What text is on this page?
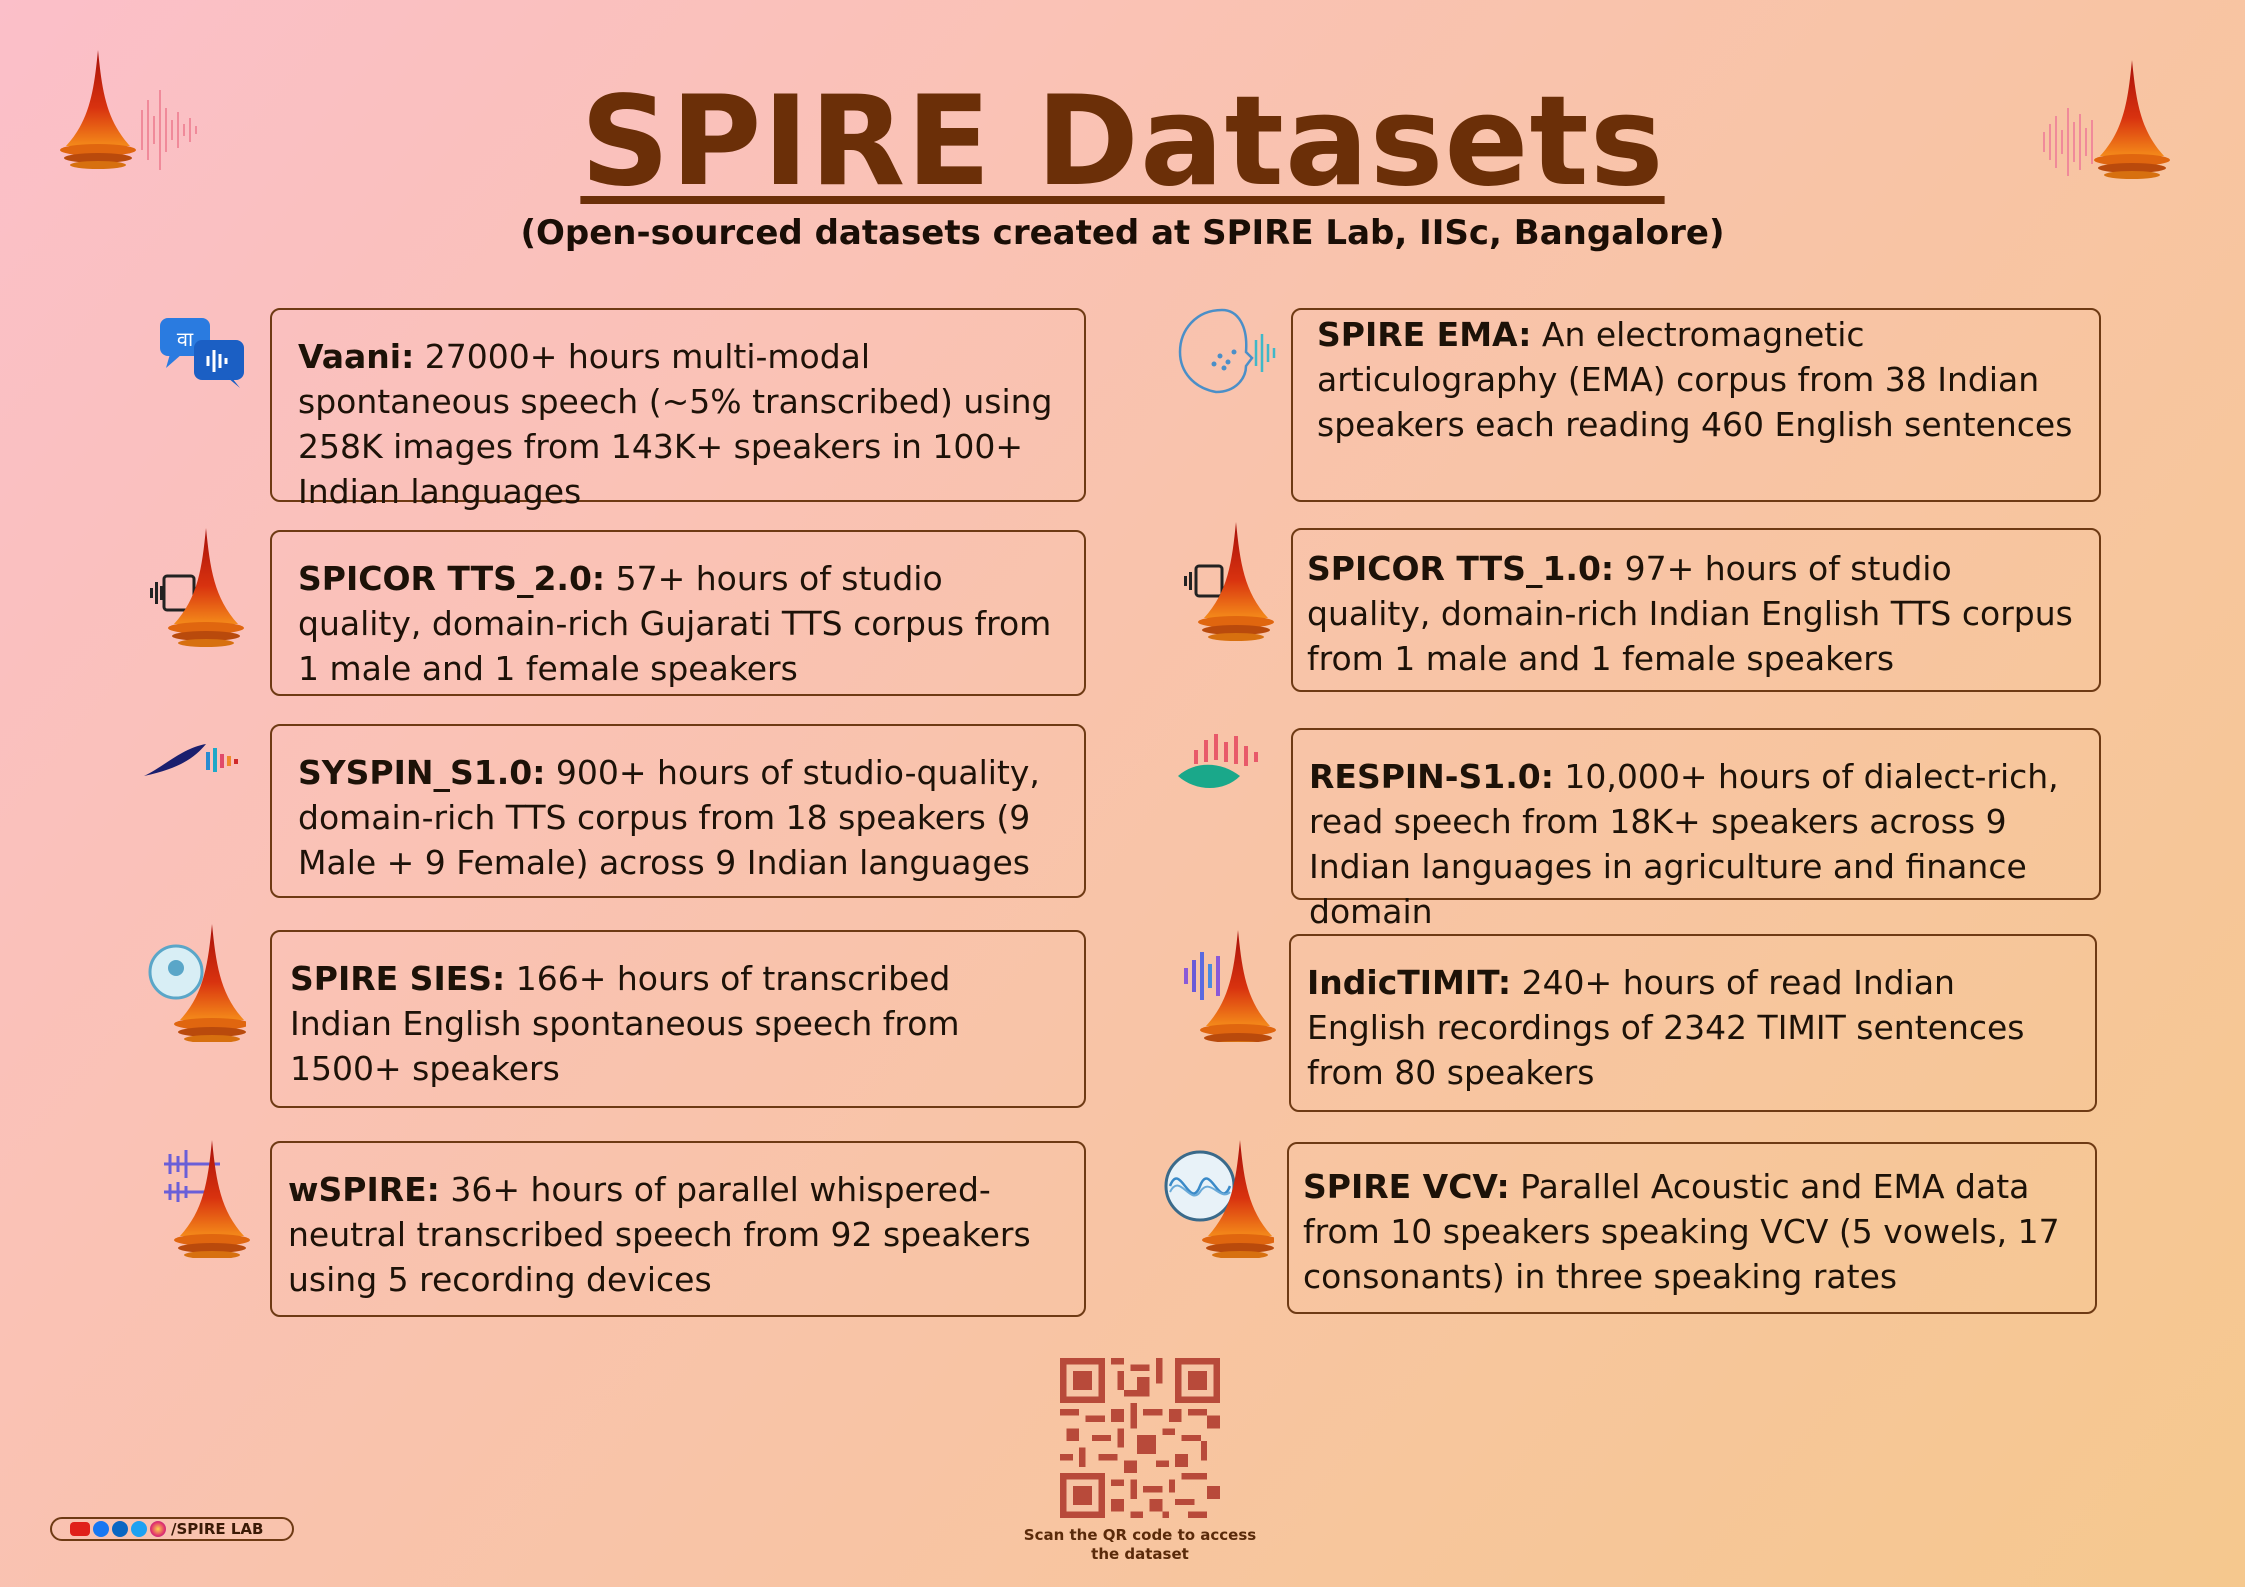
SPIRE Datasets
(Open-sourced datasets created at SPIRE Lab, IISc, Bangalore)
वा	Vaani: 27000+ hours multi-modal spontaneous speech (~5% transcribed) using 258K images from 143K+ speakers in 100+ Indian languages
SPICOR TTS_2.0: 57+ hours of studio quality, domain-rich Gujarati TTS corpus from 1 male and 1 female speakers
SYSPIN_S1.0: 900+ hours of studio-quality, domain-rich TTS corpus from 18 speakers (9 Male + 9 Female) across 9 Indian languages
SPIRE SIES: 166+ hours of transcribed Indian English spontaneous speech from 1500+ speakers
wSPIRE: 36+ hours of parallel whispered-neutral transcribed speech from 92 speakers using 5 recording devices
SPIRE EMA: An electromagnetic articulography (EMA) corpus from 38 Indian speakers each reading 460 English sentences
SPICOR TTS_1.0: 97+ hours of studio quality, domain-rich Indian English TTS corpus from 1 male and 1 female speakers
RESPIN-S1.0: 10,000+ hours of dialect-rich, read speech from 18K+ speakers across 9 Indian languages in agriculture and finance domain
IndicTIMIT: 240+ hours of read Indian English recordings of 2342 TIMIT sentences from 80 speakers
SPIRE VCV: Parallel Acoustic and EMA data from 10 speakers speaking VCV (5 vowels, 17 consonants) in three speaking rates
Scan the QR code to access the dataset
/SPIRE LAB
